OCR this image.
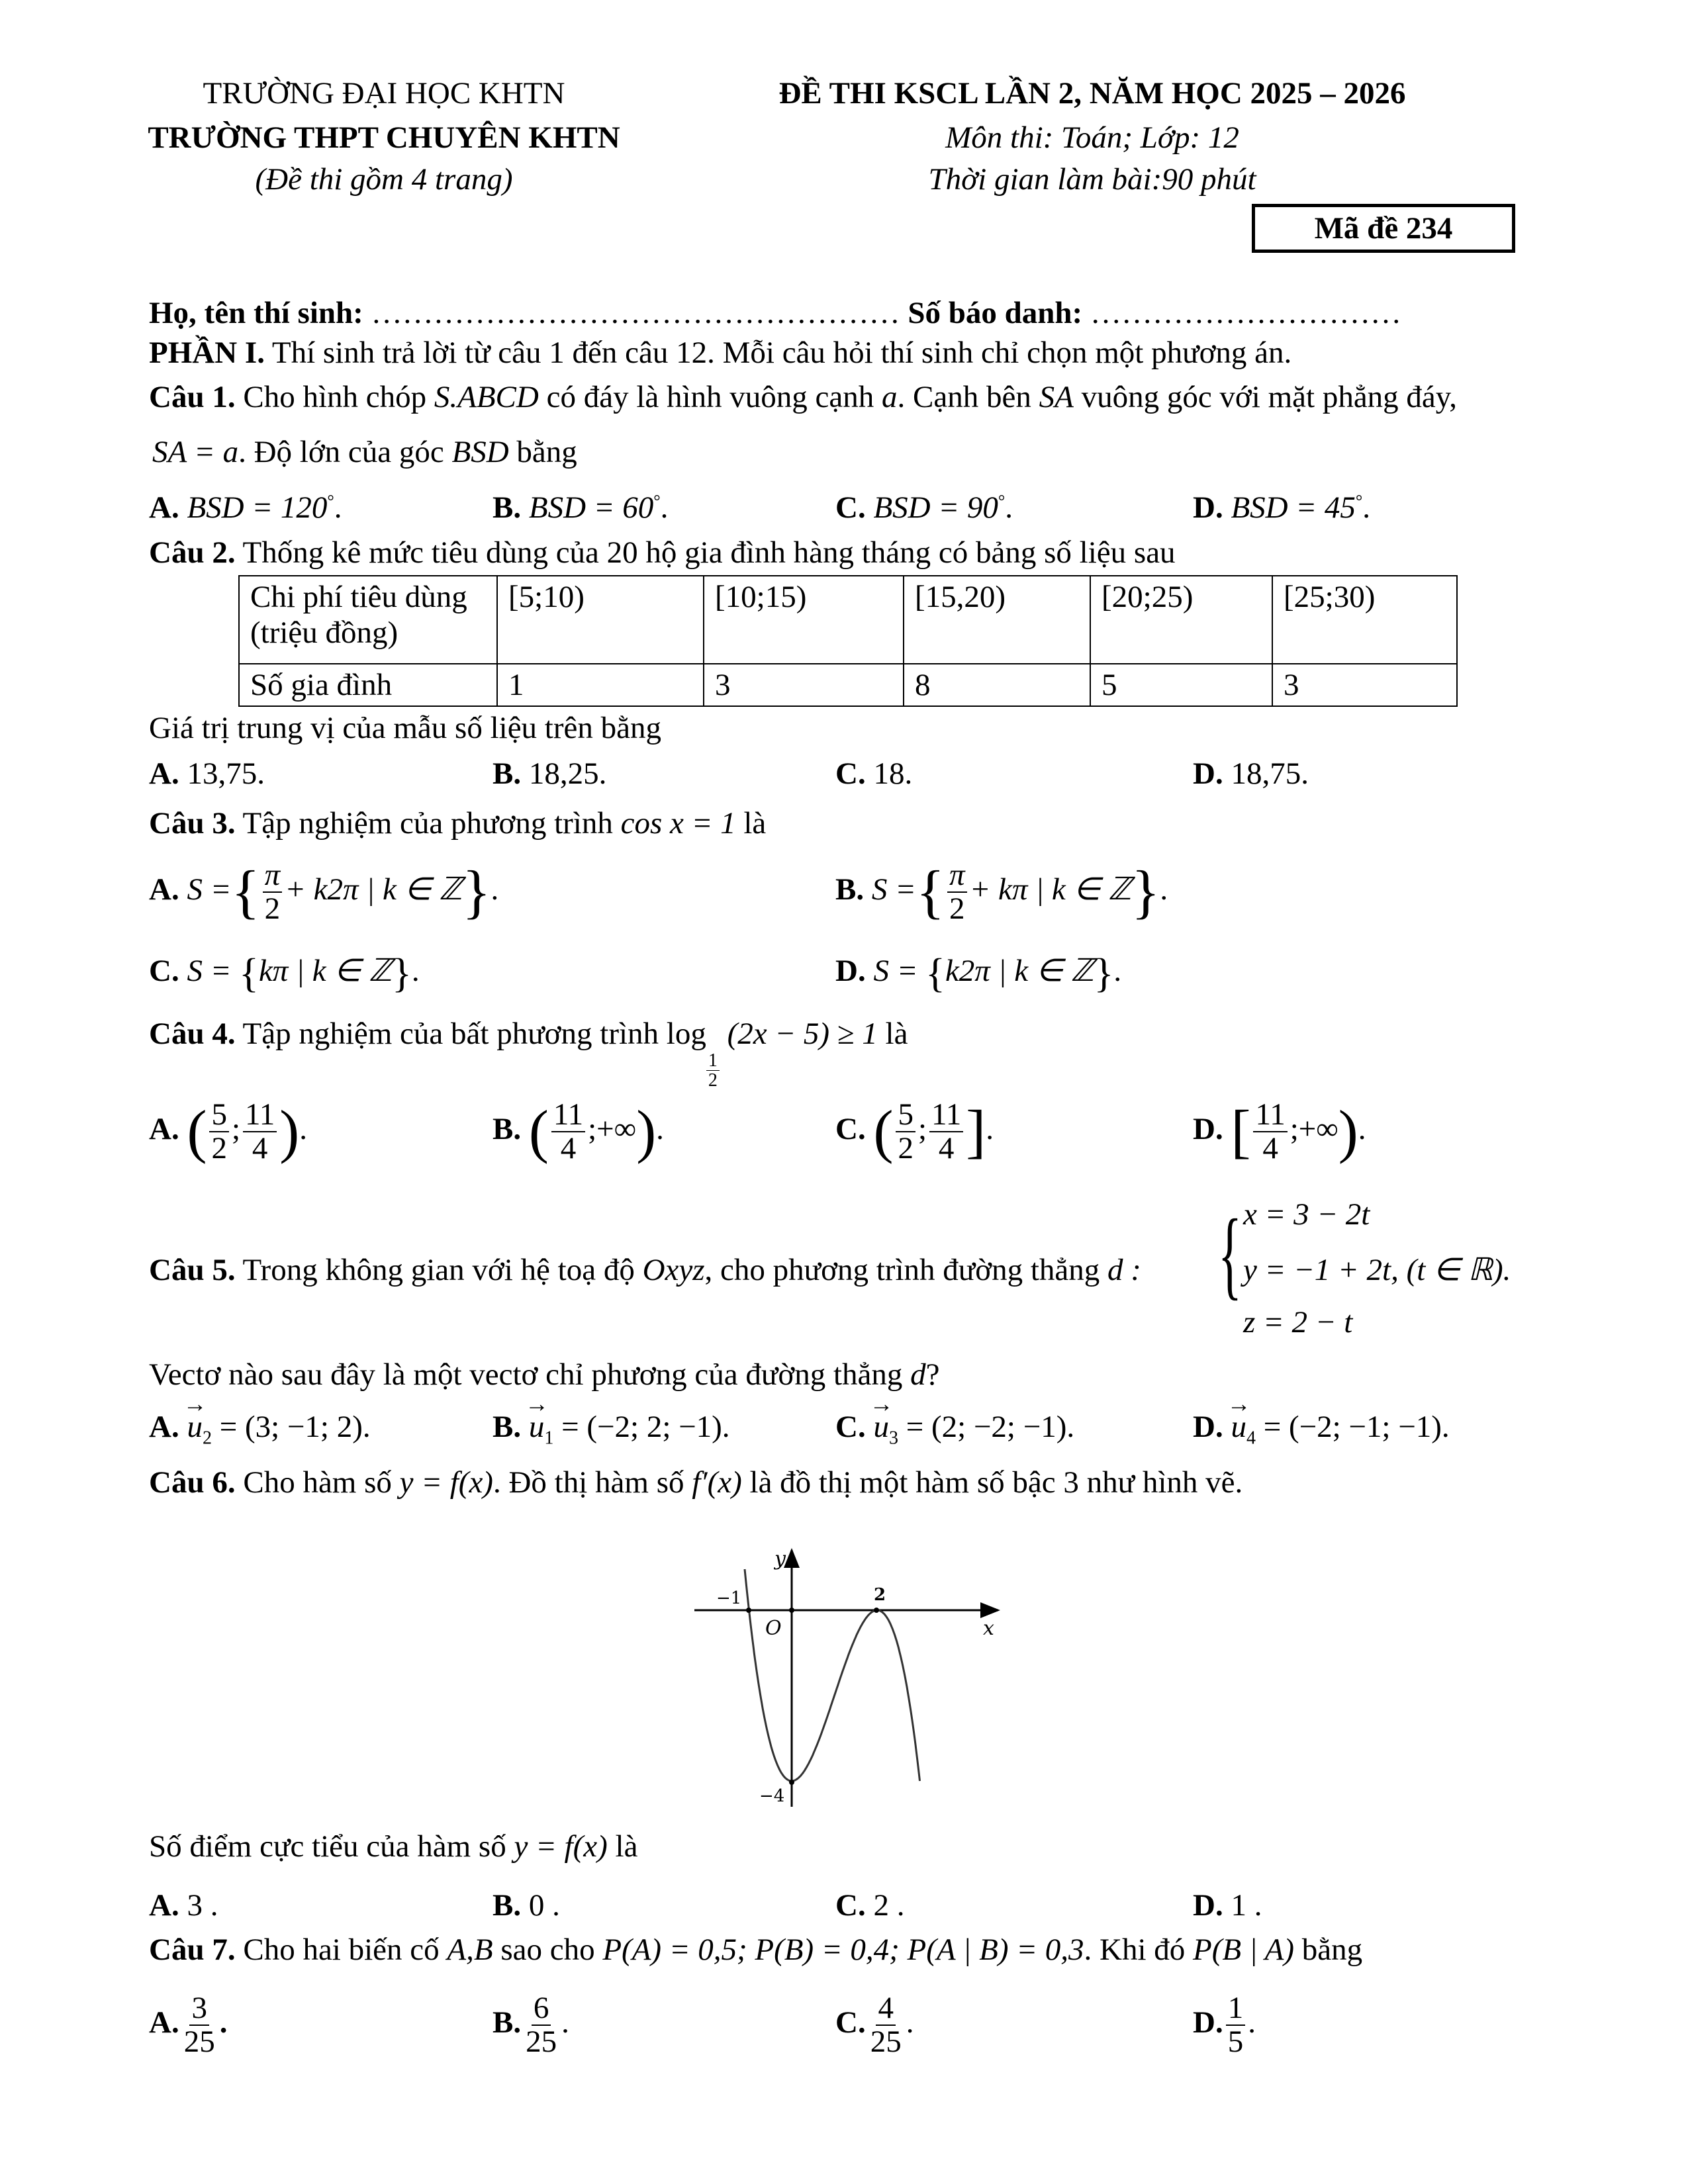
TRƯỜNG ĐẠI HỌC KHTN
TRƯỜNG THPT CHUYÊN KHTN
(Đề thi gồm 4 trang)
ĐỀ THI KSCL LẦN 2, NĂM HỌC 2025 – 2026
Môn thi: Toán; Lớp: 12
Thời gian làm bài:90 phút
Mã đề 234
Họ, tên thí sinh: …………………………………………… Số báo danh: …………………………
PHẦN I. Thí sinh trả lời từ câu 1 đến câu 12. Mỗi câu hỏi thí sinh chỉ chọn một phương án.
Câu 1. Cho hình chóp S.ABCD có đáy là hình vuông cạnh a. Cạnh bên SA vuông góc với mặt phẳng đáy,
SA = a. Độ lớn của góc BSD bằng
A. BSD = 120°.	B. BSD = 60°.	C. BSD = 90°.	D. BSD = 45°.
Câu 2. Thống kê mức tiêu dùng của 20 hộ gia đình hàng tháng có bảng số liệu sau
Chi phí tiêu dùng
(triệu đồng)	[5;10)	[10;15)	[15,20)	[20;25)	[25;30)
Số gia đình	1	3	8	5	3
Giá trị trung vị của mẫu số liệu trên bằng
A. 13,75.	B. 18,25.	C. 18.	D. 18,75.
Câu 3. Tập nghiệm của phương trình cos x = 1 là
A. S ={ $\frac{\pi}{2} + k2\pi$ | k ∈ ℤ}.	B. S ={ $\frac{\pi}{2} + k\pi$ | k ∈ ℤ}.
C. S = {kπ | k ∈ ℤ}.	D. S = {k2π | k ∈ ℤ}.
Câu 4. Tập nghiệm của bất phương trình log
$\frac{1}{2}$
(2x − 5) ≥ 1 là
A. ( $\frac{5}{2}$ ; $\frac{11}{4}$ ).	B. ( $\frac{11}{4}$ ;+∞).	C. ( $\frac{5}{2}$ ; $\frac{11}{4}$ ].	D. [ $\frac{11}{4}$ ;+∞).
Câu 5. Trong không gian với hệ toạ độ Oxyz, cho phương trình đường thẳng d : { x = 3 − 2t
y = −1 + 2t, (t ∈ ℝ).
z = 2 − t
Vectơ nào sau đây là một vectơ chỉ phương của đường thẳng d?
A. → $u_2 = (3$; −1; 2).	B. → $u_1 = (-2$; 2; −1).	C. → $u_3 = (2$; −2; −1).	D. → $u_4 = (-2$; −1; −1).
Câu 6. Cho hàm số y = f(x). Đồ thị hàm số f′(x) là đồ thị một hàm số bậc 3 như hình vẽ.
y
x
O
−1	2
−4
Số điểm cực tiểu của hàm số y = f(x) là
A. 3 .	B. 0 .	C. 2 .	D. 1 .
Câu 7. Cho hai biến cố A,B sao cho P(A) = 0,5; P(B) = 0,4; P(A | B) = 0,3. Khi đó P(B | A) bằng
A. $\frac{3}{25}$ .	B. $\frac{6}{25}$ .	C. $\frac{4}{25}$ .	D. $\frac{1}{5}$ .
